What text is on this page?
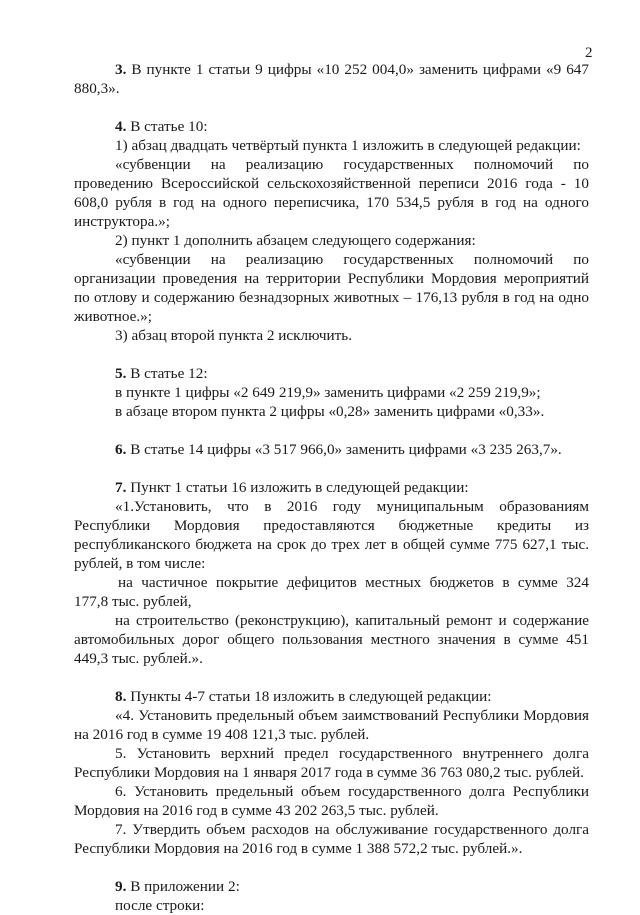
2

3. В пункте 1 статьи 9 цифры «10 252 004,0» заменить цифрами «9 647 880,3».

4. В статье 10:

1) абзац двадцать четвёртый пункта 1 изложить в следующей редакции:

«субвенции на реализацию государственных полномочий по проведению Всероссийской сельскохозяйственной переписи 2016 года - 10 608,0 рубля в год на одного переписчика, 170 534,5 рубля в год на одного инструктора.»;

2) пункт 1 дополнить абзацем следующего содержания:

«субвенции на реализацию государственных полномочий по организации проведения на территории Республики Мордовия мероприятий по отлову и содержанию безнадзорных животных – 176,13 рубля в год на одно животное.»;

3) абзац второй пункта 2 исключить.

5. В статье 12:

в пункте 1 цифры «2 649 219,9» заменить цифрами «2 259 219,9»;

в абзаце втором пункта 2 цифры «0,28» заменить цифрами «0,33».

6. В статье 14 цифры «3 517 966,0» заменить цифрами «3 235 263,7».

7. Пункт 1 статьи 16 изложить в следующей редакции:

«1.Установить, что в 2016 году муниципальным образованиям Республики Мордовия предоставляются бюджетные кредиты из республиканского бюджета на срок до трех лет в общей сумме 775 627,1 тыс. рублей, в том числе:

на частичное покрытие дефицитов местных бюджетов в сумме 324 177,8 тыс. рублей,

на строительство (реконструкцию), капитальный ремонт и содержание автомобильных дорог общего пользования местного значения в сумме 451 449,3 тыс. рублей.».

8. Пункты 4-7 статьи 18 изложить в следующей редакции:

«4. Установить предельный объем заимствований Республики Мордовия на 2016 год в сумме 19 408 121,3 тыс. рублей.

5. Установить верхний предел государственного внутреннего долга Республики Мордовия на 1 января 2017 года в сумме 36 763 080,2 тыс. рублей.

6. Установить предельный объем государственного долга Республики Мордовия на 2016 год в сумме 43 202 263,5 тыс. рублей.

7. Утвердить объем расходов на обслуживание государственного долга Республики Мордовия на 2016 год в сумме 1 388 572,2 тыс. рублей.».

9. В приложении 2:

после строки:
